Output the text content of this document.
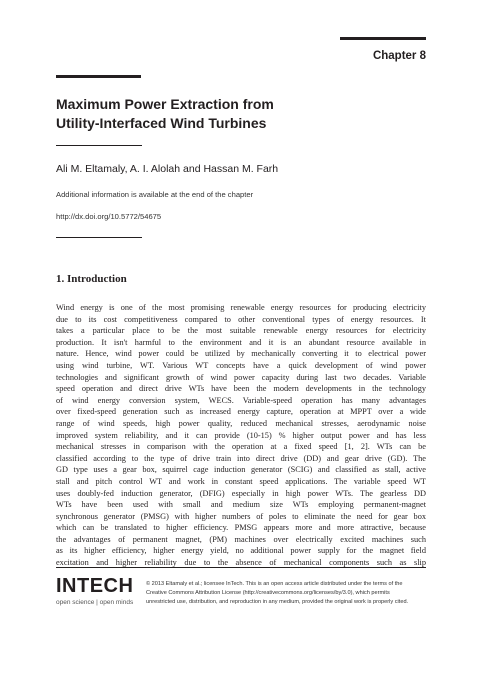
Chapter 8
Maximum Power Extraction from
Utility-Interfaced Wind Turbines
Ali M. Eltamaly, A. I. Alolah and Hassan M. Farh
Additional information is available at the end of the chapter
http://dx.doi.org/10.5772/54675
1. Introduction

Wind energy is one of the most promising renewable energy resources for producing electricity

due to its cost competitiveness compared to other conventional types of energy resources. It

takes a particular place to be the most suitable renewable energy resources for electricity

production. It isn't harmful to the environment and it is an abundant resource available in

nature. Hence, wind power could be utilized by mechanically converting it to electrical power

using wind turbine, WT. Various WT concepts have a quick development of wind power

technologies and significant growth of wind power capacity during last two decades. Variable

speed operation and direct drive WTs have been the modern developments in the technology

of wind energy conversion system, WECS. Variable-speed operation has many advantages

over fixed-speed generation such as increased energy capture, operation at MPPT over a wide

range of wind speeds, high power quality, reduced mechanical stresses, aerodynamic noise

improved system reliability, and it can provide (10-15) % higher output power and has less

mechanical stresses in comparison with the operation at a fixed speed [1, 2]. WTs can be

classified according to the type of drive train into direct drive (DD) and gear drive (GD). The

GD type uses a gear box, squirrel cage induction generator (SCIG) and classified as stall, active

stall and pitch control WT and work in constant speed applications. The variable speed WT

uses doubly-fed induction generator, (DFIG) especially in high power WTs. The gearless DD

WTs have been used with small and medium size WTs employing permanent-magnet

synchronous generator (PMSG) with higher numbers of poles to eliminate the need for gear box

which can be translated to higher efficiency. PMSG appears more and more attractive, because

the advantages of permanent magnet, (PM) machines over electrically excited machines such

as its higher efficiency, higher energy yield, no additional power supply for the magnet field

excitation and higher reliability due to the absence of mechanical components such as slip

INTECH
open science | open minds
© 2013 Eltamaly et al.; licensee InTech. This is an open access article distributed under the terms of the
Creative Commons Attribution License (http://creativecommons.org/licenses/by/3.0), which permits
unrestricted use, distribution, and reproduction in any medium, provided the original work is properly cited.
